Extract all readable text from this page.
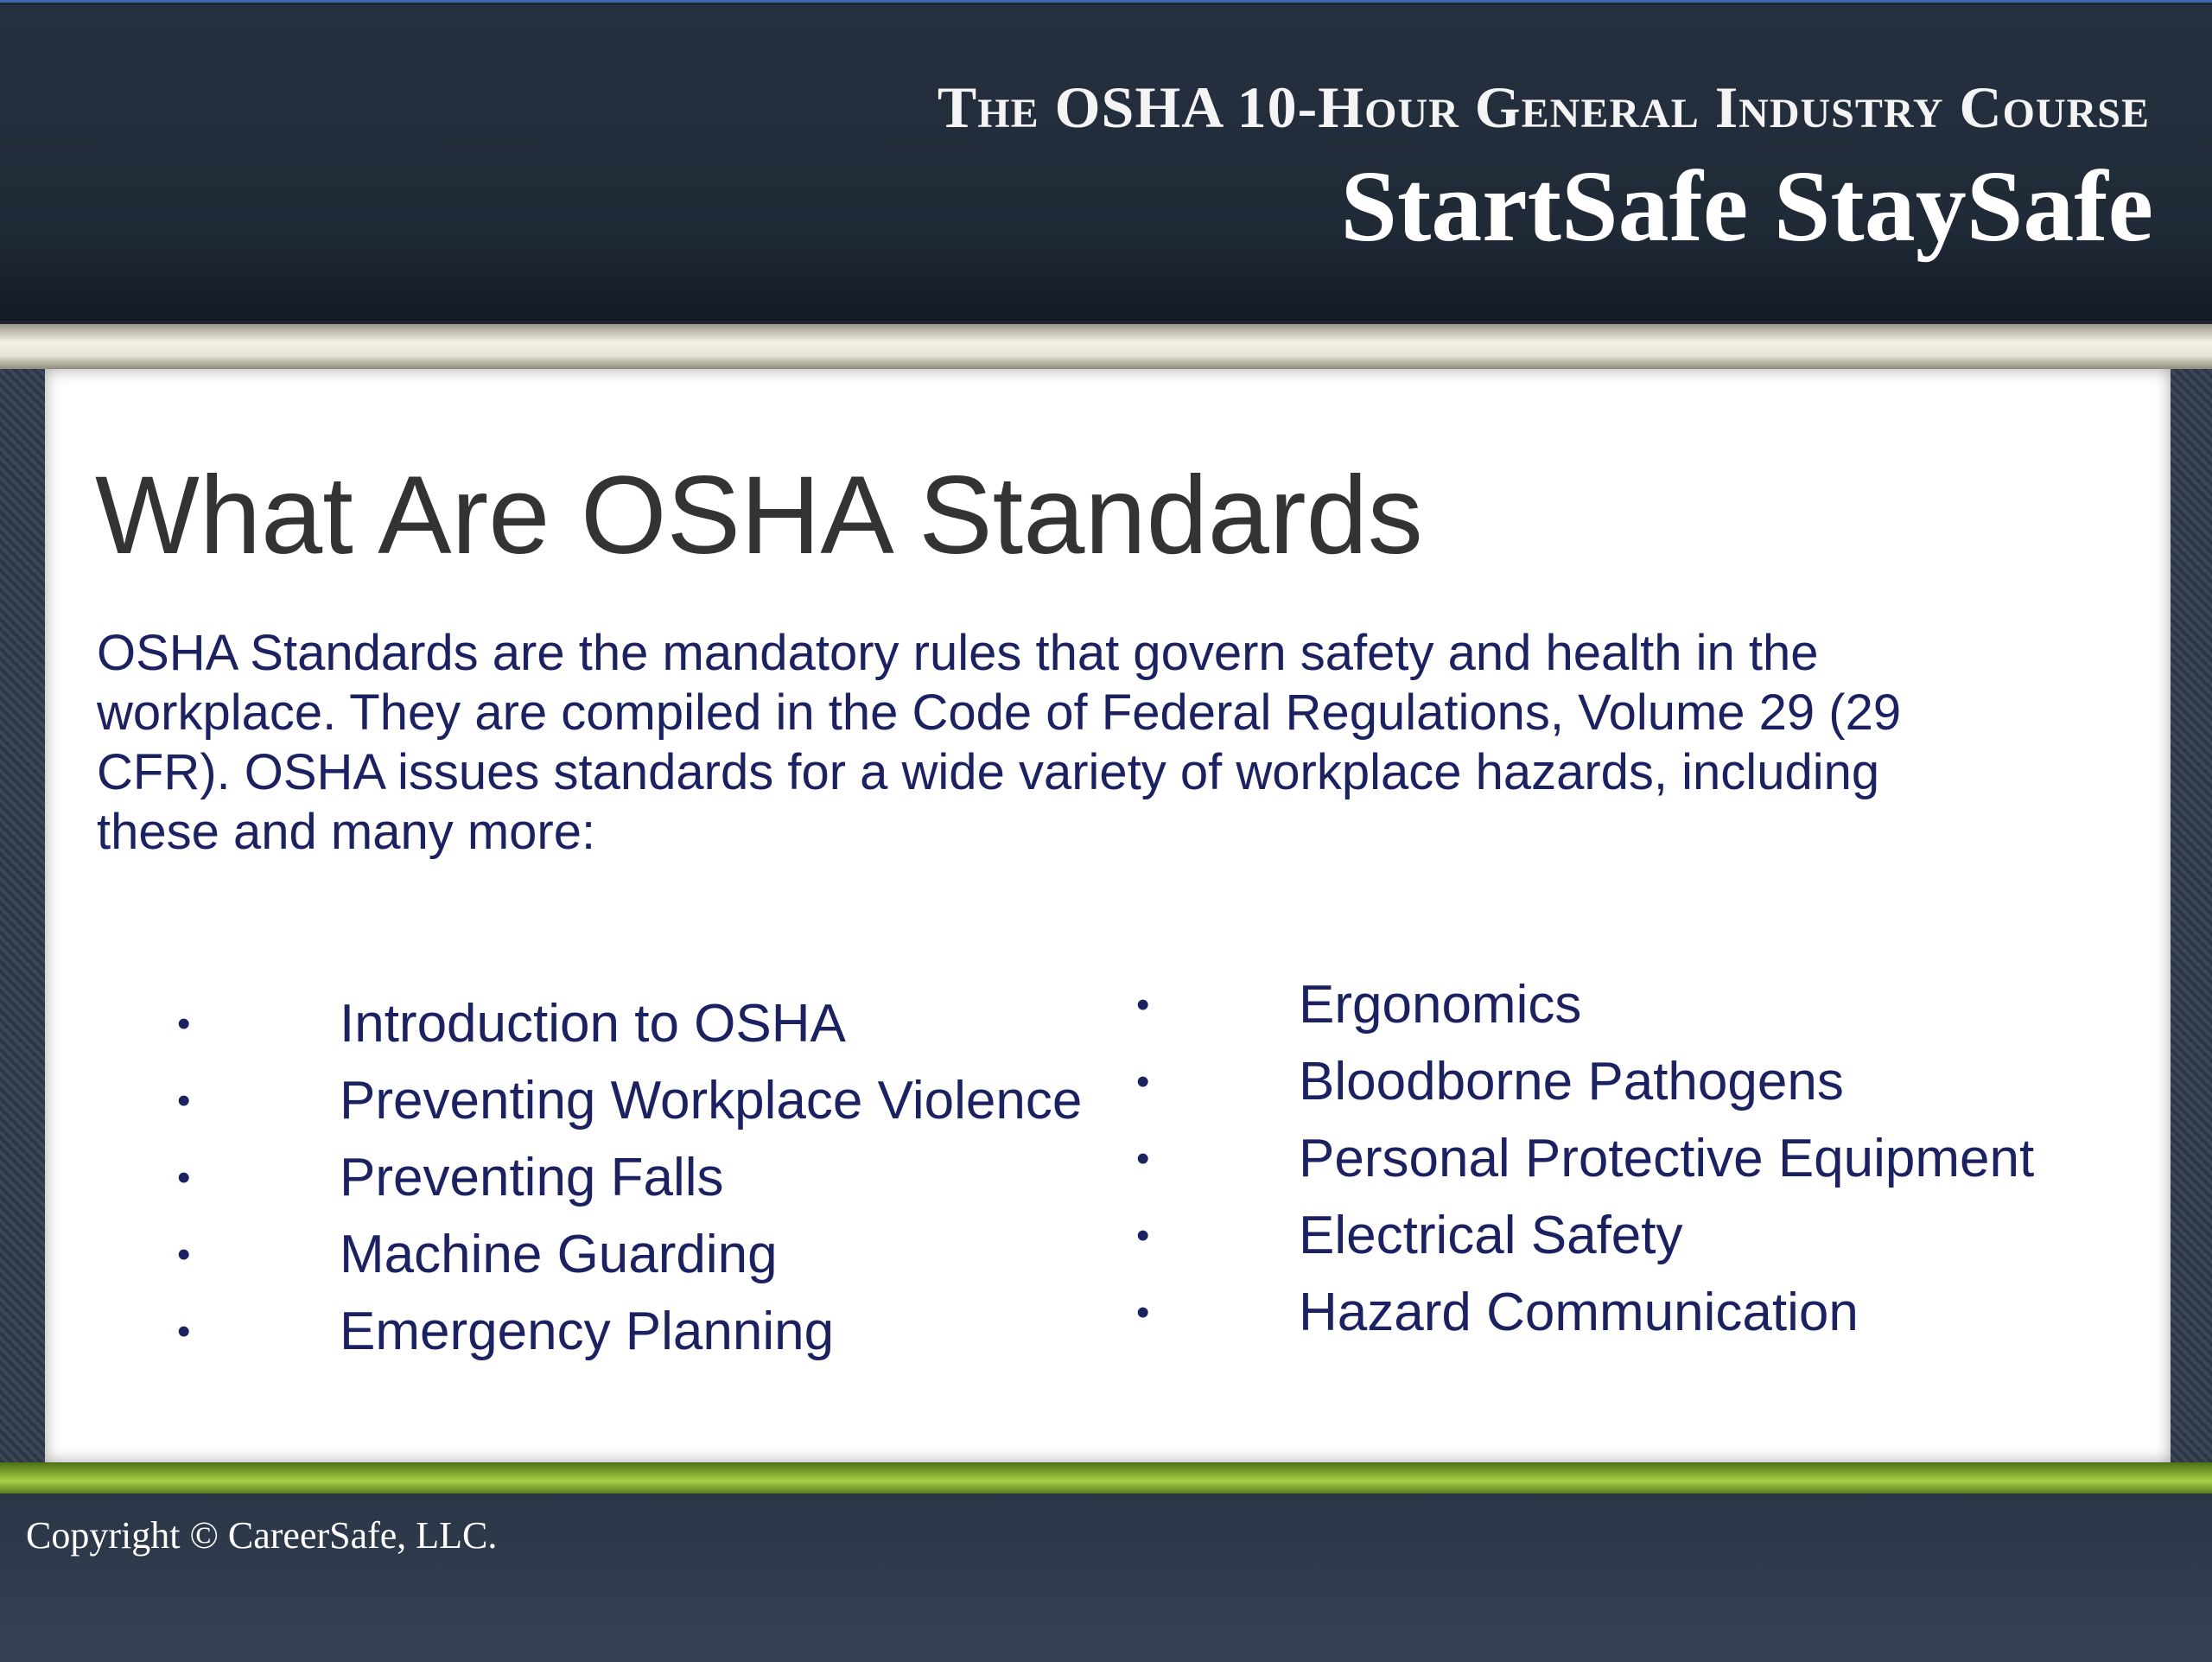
The OSHA 10-Hour General Industry Course
StartSafe StaySafe
What Are OSHA Standards

OSHA Standards are the mandatory rules that govern safety and health in the workplace. They are compiled in the Code of Federal Regulations, Volume 29 (29 CFR). OSHA issues standards for a wide variety of workplace hazards, including these and many more:

•	Introduction to OSHA
•	Preventing Workplace Violence
•	Preventing Falls
•	Machine Guarding
•	Emergency Planning
•	Ergonomics
•	Bloodborne Pathogens
•	Personal Protective Equipment
•	Electrical Safety
•	Hazard Communication

Copyright © CareerSafe, LLC.
